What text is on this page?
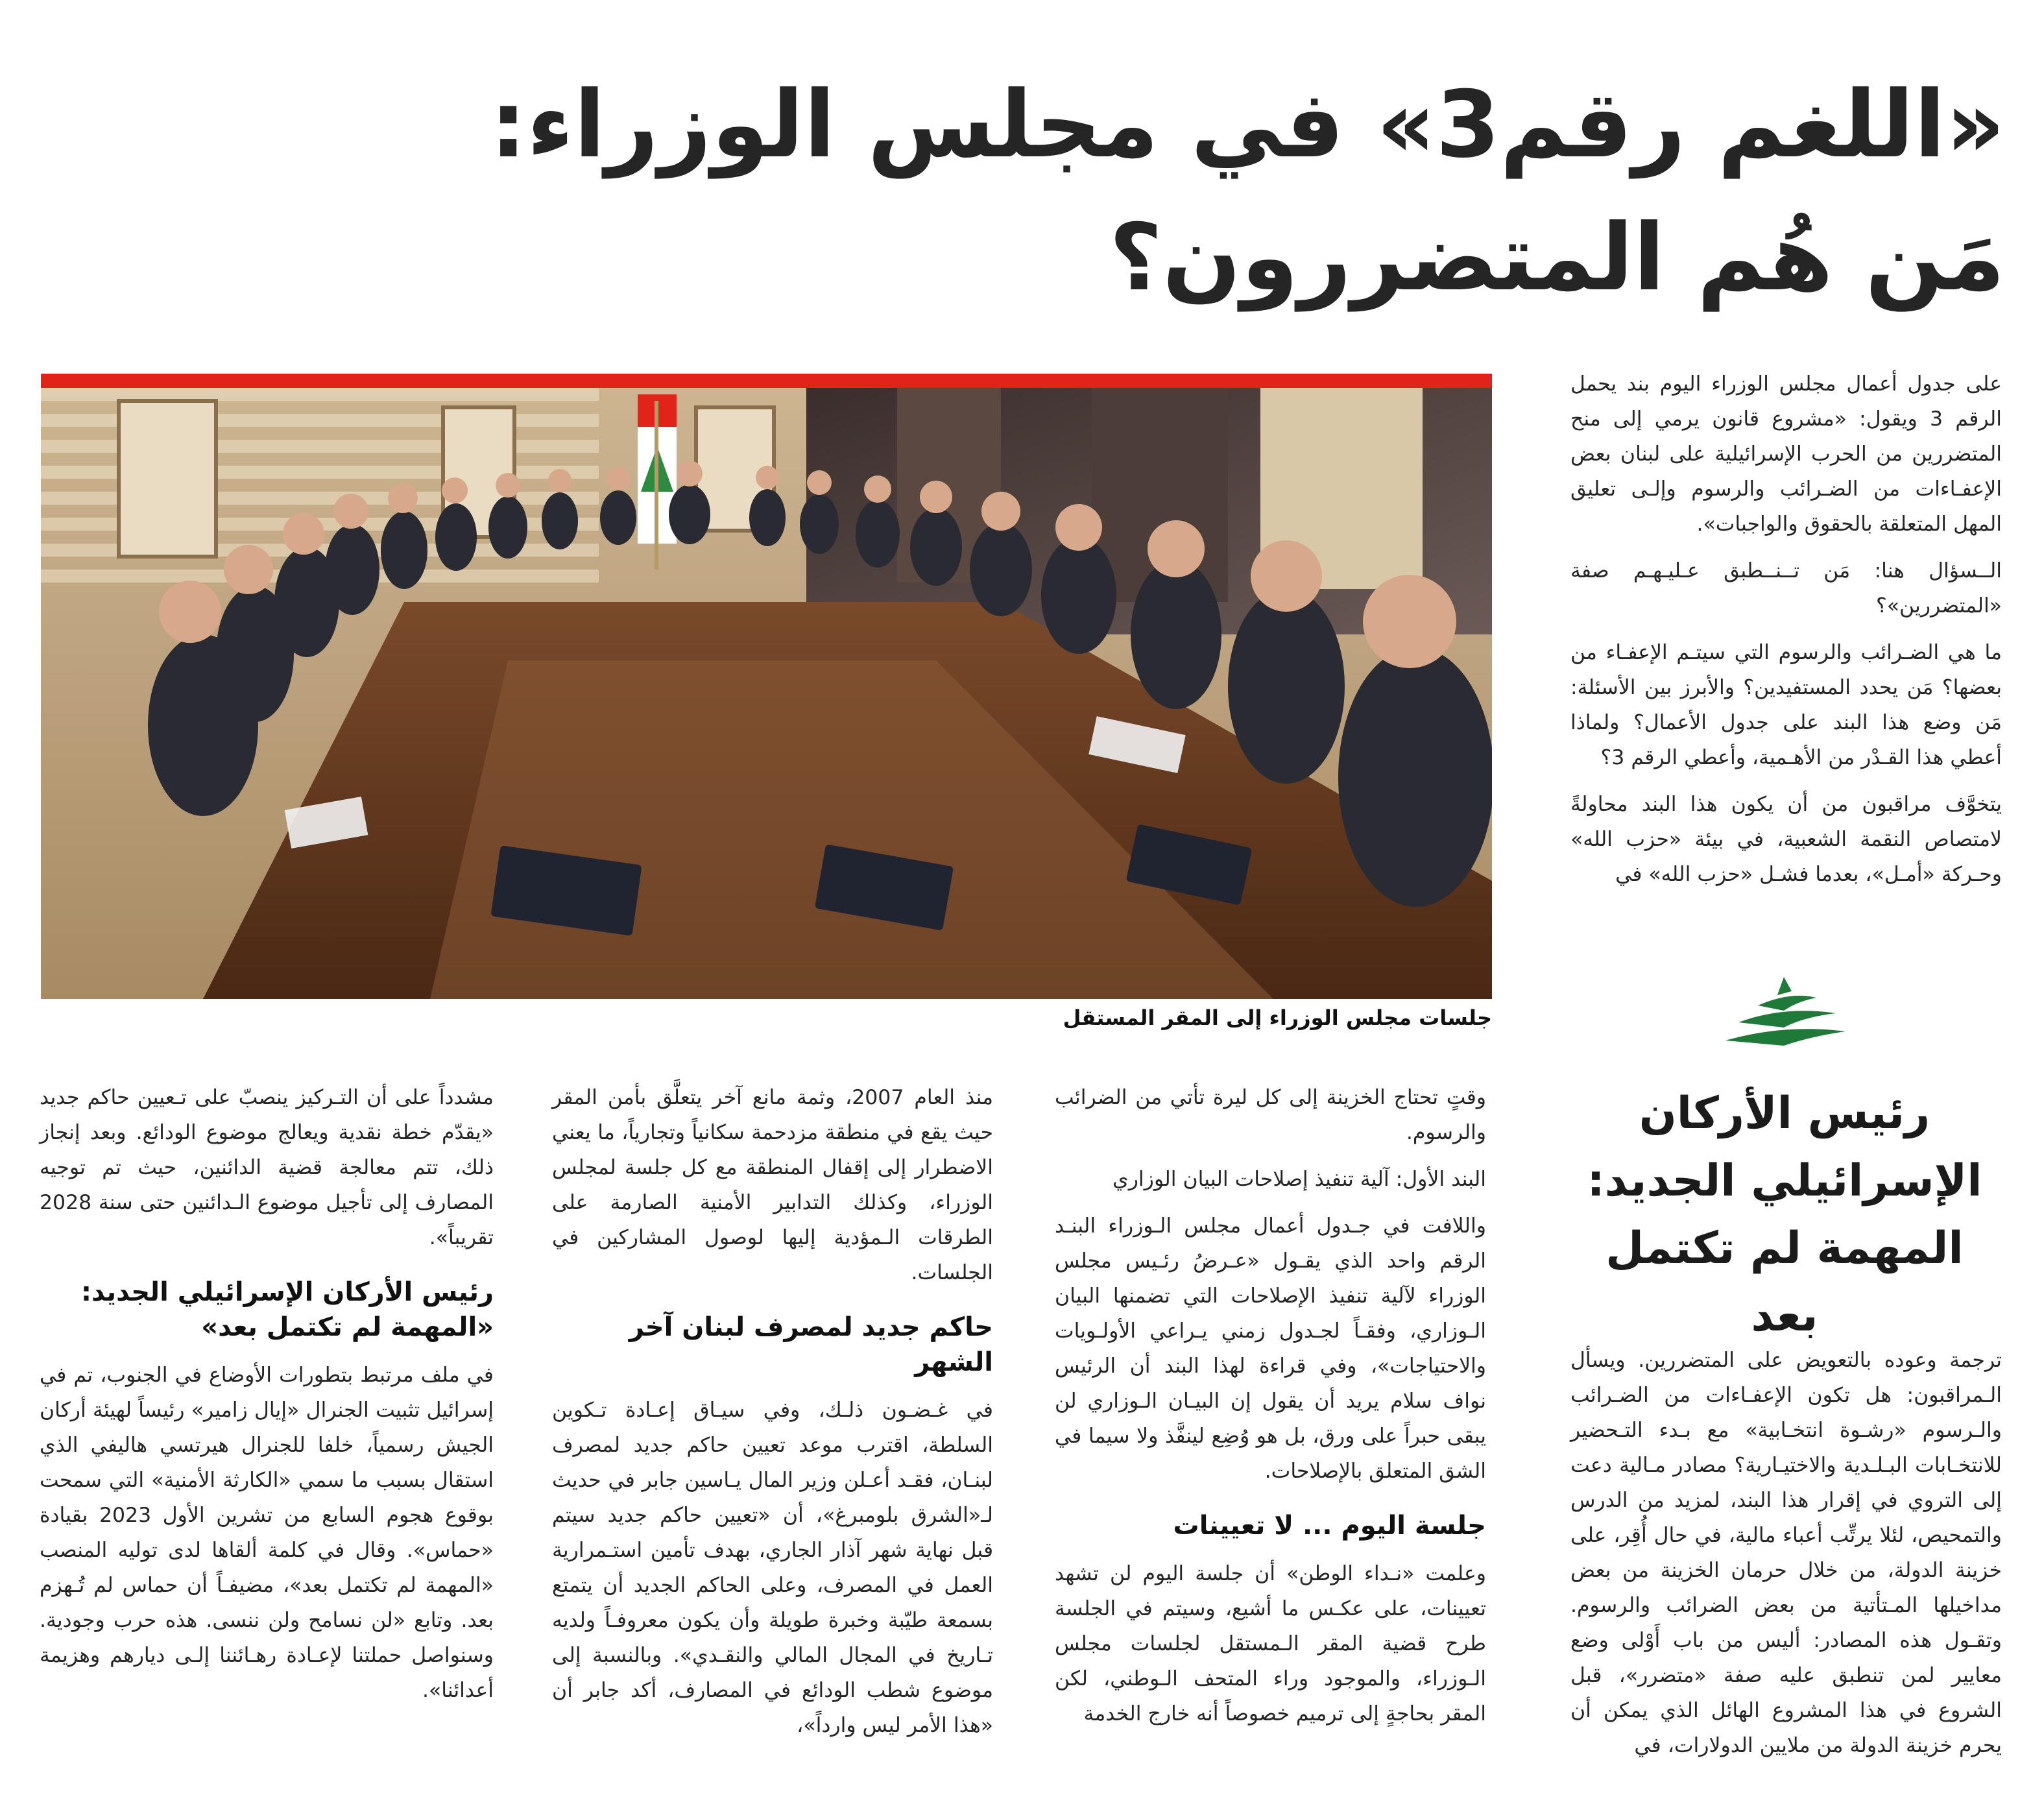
«اللغم رقم3» في مجلس الوزراء:
مَن هُم المتضررون؟

على جدول أعمال مجلس الوزراء اليوم بند يحمل الرقم 3 ويقول: «مشروع قانون يرمي إلى منح المتضررين من الحرب الإسرائيلية على لبنان بعض الإعفـاءات من الضـرائب والرسوم وإلـى تعليق المهل المتعلقة بالحقوق والواجبات».

الــسؤال هنا: مَن تــنــطبق عـليـهـم صفة «المتضررين»؟

ما هي الضـرائب والرسوم التي سيتـم الإعفـاء من بعضها؟ مَن يحدد المستفيدين؟ والأبرز بين الأسئلة: مَن وضع هذا البند على جدول الأعمال؟ ولماذا أعطي هذا القـدْر من الأهـمية، وأعطي الرقم 3؟

يتخوَّف مراقبون من أن يكون هذا البند محاولةً لامتصاص النقمة الشعبية، في بيئة «حزب الله» وحـركة «أمـل»، بعدما فشـل «حزب الله» في

جلسات مجلس الوزراء إلى المقر المستقل
رئيس الأركان
الإسرائيلي الجديد:
المهمة لم تكتمل بعد

ترجمة وعوده بالتعويض على المتضررين. ويسأل الـمراقبون: هل تكون الإعفـاءات من الضـرائب والـرسوم «رشـوة انتخـابية» مع بـدء التـحضير للانتخـابات البـلـدية والاختيـارية؟ مصادر مـالية دعت إلى التروي في إقرار هذا البند، لمزيد من الدرس والتمحيص، لئلا يرتِّب أعباء مالية، في حال أُقِر، على خزينة الدولة، من خلال حرمان الخزينة من بعض مداخيلها المـتأتية من بعض الضرائب والرسوم. وتقـول هذه المصادر: أليس من باب أَوْلى وضع معايير لمن تنطبق عليه صفة «متضرر»، قبل الشروع في هذا المشروع الهائل الذي يمكن أن يحرم خزينة الدولة من ملايين الدولارات، في

وقتٍ تحتاج الخزينة إلى كل ليرة تأتي من الضرائب والرسوم.

البند الأول: آلية تنفيذ إصلاحات البيان الوزاري

واللافت في جـدول أعمال مجلس الـوزراء البنـد الرقم واحد الذي يقـول «عـرضُ رئـيس مجلس الوزراء لآلية تنفيذ الإصلاحات التي تضمنها البيان الـوزاري، وفقـاً لجـدول زمني يـراعي الأولـويات والاحتياجات»، وفي قراءة لهذا البند أن الرئيس نواف سلام يريد أن يقول إن البيـان الـوزاري لن يبقى حبراً على ورق، بل هو وُضِع لينفَّذ ولا سيما في الشق المتعلق بالإصلاحات.

جلسة اليوم ... لا تعيينات

وعلمت «نـداء الوطن» أن جلسة اليوم لن تشهد تعيينات، على عكـس ما أشيع، وسيتم في الجلسة طرح قضية المقر الـمستقل لجلسات مجلس الـوزراء، والموجود وراء المتحف الـوطني، لكن المقر بحاجةٍ إلى ترميم خصوصاً أنه خارج الخدمة

منذ العام 2007، وثمة مانع آخر يتعلَّق بأمن المقر حيث يقع في منطقة مزدحمة سكانياً وتجارياً، ما يعني الاضطرار إلى إقفال المنطقة مع كل جلسة لمجلس الوزراء، وكذلك التدابير الأمنية الصارمة على الطرقات الـمؤدية إليها لوصول المشاركين في الجلسات.

حاكم جديد لمصرف لبنان آخر الشهر

في غـضـون ذلـك، وفي سيـاق إعـادة تـكوين السلطة، اقترب موعد تعيين حاكم جديد لمصرف لبنـان، فقـد أعـلن وزير المال يـاسين جابر في حديث لـ«الشرق بلومبرغ»، أن «تعيين حاكم جديد سيتم قبل نهاية شهر آذار الجاري، بهدف تأمين استـمرارية العمل في المصرف، وعلى الحاكم الجديد أن يتمتع بسمعة طيّبة وخبرة طويلة وأن يكون معروفـاً ولديه تـاريخ في المجال المالي والنقـدي». وبالنسبة إلى موضوع شطب الودائع في المصارف، أكد جابر أن «هذا الأمر ليس وارداً»،

مشدداً على أن التـركيز ينصبّ على تـعيين حاكم جديد «يقدّم خطة نقدية ويعالج موضوع الودائع. وبعد إنجاز ذلك، تتم معالجة قضية الدائنين، حيث تم توجيه المصارف إلى تأجيل موضوع الـدائنين حتى سنة 2028 تقريباً».

رئيس الأركان الإسرائيلي الجديد: «المهمة لم تكتمل بعد»

في ملف مرتبط بتطورات الأوضاع في الجنوب، تم في إسرائيل تثبيت الجنرال «إيال زامير» رئيساً لهيئة أركان الجيش رسمياً، خلفا للجنرال هيرتسي هاليفي الذي استقال بسبب ما سمي «الكارثة الأمنية» التي سمحت بوقوع هجوم السابع من تشرين الأول 2023 بقيادة «حماس». وقال في كلمة ألقاها لدى توليه المنصب «المهمة لم تكتمل بعد»، مضيفـاً أن حماس لم تُـهزم بعد. وتابع «لن نسامح ولن ننسى. هذه حرب وجودية. وسنواصل حملتنا لإعـادة رهـائننا إلـى ديارهم وهزيمة أعدائنا».
